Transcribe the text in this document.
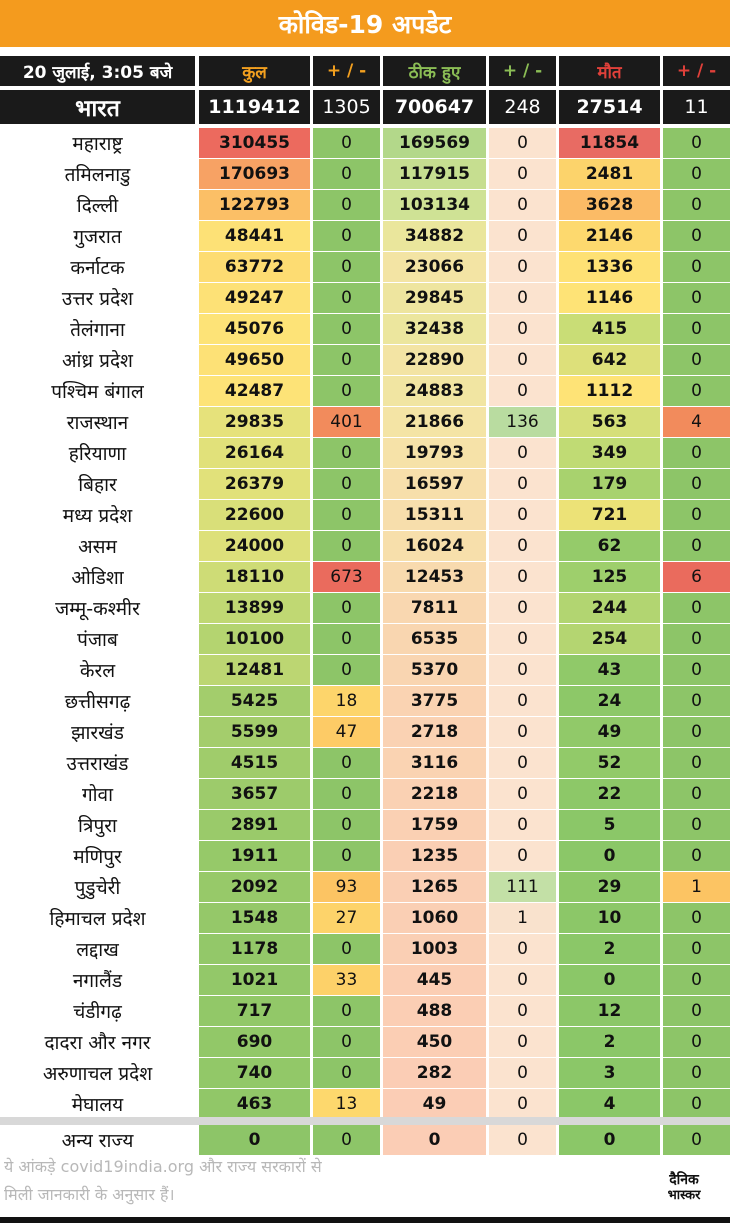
कोविड-19 अपडेट
20 जुलाई, 3:05 बजे	कुल	+ / -	ठीक हुए	+ / -	मौत	+ / -
भारत	1119412	1305	700647	248	27514	11
महाराष्ट्र	310455	0	169569	0	11854	0
तमिलनाडु	170693	0	117915	0	2481	0
दिल्ली	122793	0	103134	0	3628	0
गुजरात	48441	0	34882	0	2146	0
कर्नाटक	63772	0	23066	0	1336	0
उत्तर प्रदेश	49247	0	29845	0	1146	0
तेलंगाना	45076	0	32438	0	415	0
आंध्र प्रदेश	49650	0	22890	0	642	0
पश्चिम बंगाल	42487	0	24883	0	1112	0
राजस्थान	29835	401	21866	136	563	4
हरियाणा	26164	0	19793	0	349	0
बिहार	26379	0	16597	0	179	0
मध्य प्रदेश	22600	0	15311	0	721	0
असम	24000	0	16024	0	62	0
ओडिशा	18110	673	12453	0	125	6
जम्मू-कश्मीर	13899	0	7811	0	244	0
पंजाब	10100	0	6535	0	254	0
केरल	12481	0	5370	0	43	0
छत्तीसगढ़	5425	18	3775	0	24	0
झारखंड	5599	47	2718	0	49	0
उत्तराखंड	4515	0	3116	0	52	0
गोवा	3657	0	2218	0	22	0
त्रिपुरा	2891	0	1759	0	5	0
मणिपुर	1911	0	1235	0	0	0
पुडुचेरी	2092	93	1265	111	29	1
हिमाचल प्रदेश	1548	27	1060	1	10	0
लद्दाख	1178	0	1003	0	2	0
नगालैंड	1021	33	445	0	0	0
चंडीगढ़	717	0	488	0	12	0
दादरा और नगर	690	0	450	0	2	0
अरुणाचल प्रदेश	740	0	282	0	3	0
मेघालय	463	13	49	0	4	0
अन्य राज्य	0	0	0	0	0	0
ये आंकड़े covid19india.org और राज्य सरकारों से
मिली जानकारी के अनुसार हैं।
दैनिक
भास्कर
